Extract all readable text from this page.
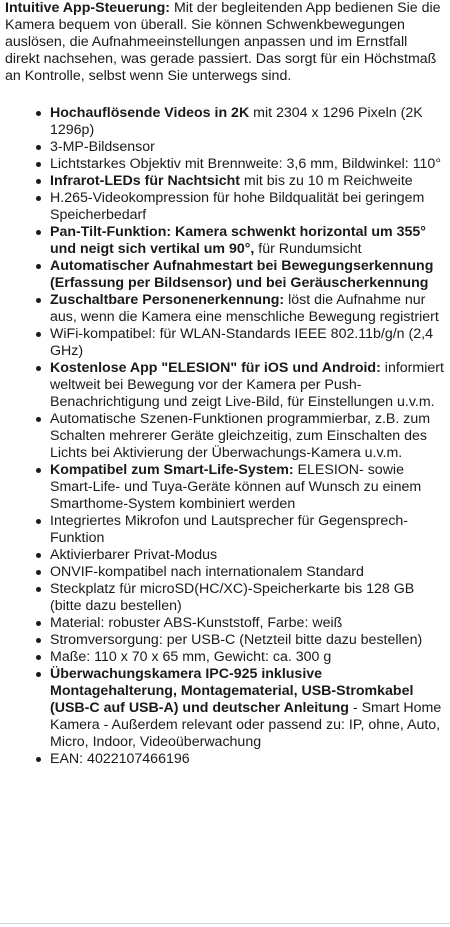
Intuitive App-Steuerung: Mit der begleitenden App bedienen Sie die Kamera bequem von überall. Sie können Schwenkbewegungen auslösen, die Aufnahmeeinstellungen anpassen und im Ernstfall direkt nachsehen, was gerade passiert. Das sorgt für ein Höchstmaß an Kontrolle, selbst wenn Sie unterwegs sind.

Hochauflösende Videos in 2K mit 2304 x 1296 Pixeln (2K 1296p)
3-MP-Bildsensor
Lichtstarkes Objektiv mit Brennweite: 3,6 mm, Bildwinkel: 110°
Infrarot-LEDs für Nachtsicht mit bis zu 10 m Reichweite
H.265-Videokompression für hohe Bildqualität bei geringem Speicherbedarf
Pan-Tilt-Funktion: Kamera schwenkt horizontal um 355° und neigt sich vertikal um 90°, für Rundumsicht
Automatischer Aufnahmestart bei Bewegungserkennung (Erfassung per Bildsensor) und bei Geräuscherkennung
Zuschaltbare Personenerkennung: löst die Aufnahme nur aus, wenn die Kamera eine menschliche Bewegung registriert
WiFi-kompatibel: für WLAN-Standards IEEE 802.11b/g/n (2,4 GHz)
Kostenlose App "ELESION" für iOS und Android: informiert weltweit bei Bewegung vor der Kamera per Push-Benachrichtigung und zeigt Live-Bild, für Einstellungen u.v.m.
Automatische Szenen-Funktionen programmierbar, z.B. zum Schalten mehrerer Geräte gleichzeitig, zum Einschalten des Lichts bei Aktivierung der Überwachungs-Kamera u.v.m.
Kompatibel zum Smart-Life-System: ELESION- sowie Smart-Life- und Tuya-Geräte können auf Wunsch zu einem Smarthome-System kombiniert werden
Integriertes Mikrofon und Lautsprecher für Gegensprech-Funktion
Aktivierbarer Privat-Modus
ONVIF-kompatibel nach internationalem Standard
Steckplatz für microSD(HC/XC)-Speicherkarte bis 128 GB (bitte dazu bestellen)
Material: robuster ABS-Kunststoff, Farbe: weiß
Stromversorgung: per USB-C (Netzteil bitte dazu bestellen)
Maße: 110 x 70 x 65 mm, Gewicht: ca. 300 g
Überwachungskamera IPC-925 inklusive Montagehalterung, Montagematerial, USB-Stromkabel (USB-C auf USB-A) und deutscher Anleitung - Smart Home Kamera - Außerdem relevant oder passend zu: IP, ohne, Auto, Micro, Indoor, Videoüberwachung
EAN: 4022107466196
